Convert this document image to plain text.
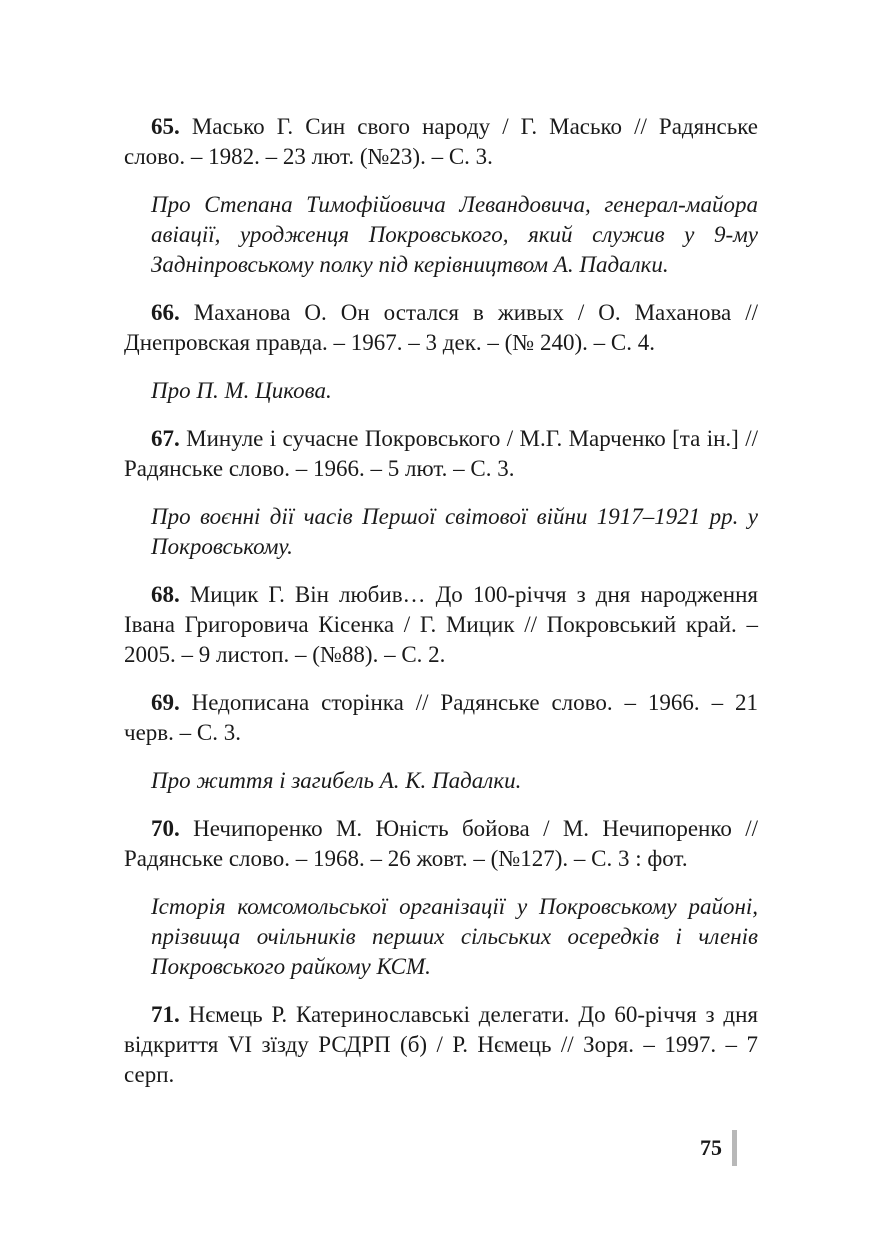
65. Масько Г. Син свого народу / Г. Масько // Радянське слово. – 1982. – 23 лют. (№23). – С. 3.

Про Степана Тимофійовича Левандовича, генерал-майора авіації, уродженця Покровського, який служив у 9-му Задніпровському полку під керівництвом А. Падалки.

66. Маханова О. Он остался в живых / О. Маханова // Днепровская правда. – 1967. – 3 дек. – (№ 240). – С. 4.

Про П. М. Цикова.

67. Минуле і сучасне Покровського / М.Г. Марченко [та ін.] // Радянське слово. – 1966. – 5 лют. – С. 3.

Про воєнні дії часів Першої світової війни 1917–1921 рр. у Покровському.

68. Мицик Г. Він любив… До 100-річчя з дня народження Івана Григоровича Кісенка / Г. Мицик // Покровський край. – 2005. – 9 листоп. – (№88). – С. 2.

69. Недописана сторінка // Радянське слово. – 1966. – 21 черв. – С. 3.

Про життя і загибель А. К. Падалки.

70. Нечипоренко М. Юність бойова / М. Нечипоренко // Радянське слово. – 1968. – 26 жовт. – (№127). – С. 3 : фот.

Історія комсомольської організації у Покровському районі, прізвища очільників перших сільських осередків і членів Покровського райкому КСМ.

71. Нємець Р. Катеринославські делегати. До 60-річчя з дня відкриття VI зїзду РСДРП (б) / Р. Нємець // Зоря. – 1997. – 7 серп.

75
